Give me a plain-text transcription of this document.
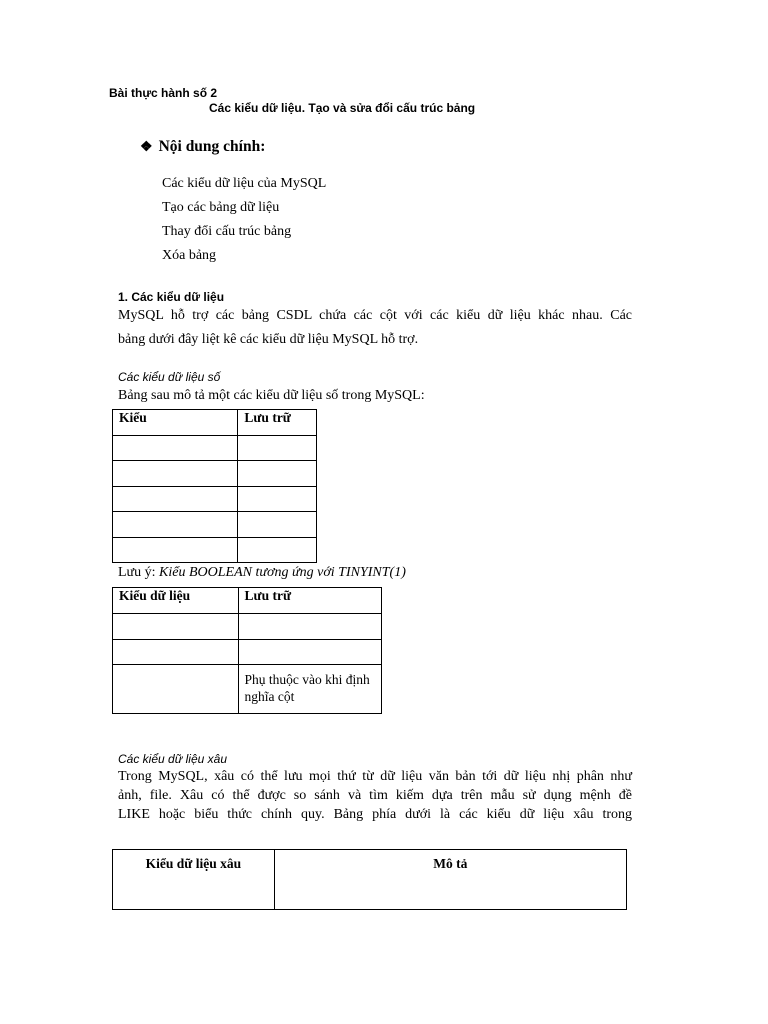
Bài thực hành số 2
Các kiểu dữ liệu. Tạo và sửa đổi cấu trúc bảng
❖ Nội dung chính:
Các kiểu dữ liệu của MySQL
Tạo các bảng dữ liệu
Thay đổi cấu trúc bảng
Xóa bảng
1. Các kiểu dữ liệu
MySQL hỗ trợ các bảng CSDL chứa các cột với các kiểu dữ liệu khác nhau. Các
bảng dưới đây liệt kê các kiểu dữ liệu MySQL hỗ trợ.
Các kiểu dữ liệu số
Bảng sau mô tả một các kiểu dữ liệu số trong MySQL:
Kiểu	Lưu trữ

Lưu ý: Kiểu BOOLEAN tương ứng với TINYINT(1)
Kiểu dữ liệu	Lưu trữ

	Phụ thuộc vào khi định nghĩa cột
Các kiểu dữ liệu xâu
Trong MySQL, xâu có thể lưu mọi thứ từ dữ liệu văn bản tới dữ liệu nhị phân như
ảnh, file. Xâu có thể được so sánh và tìm kiếm dựa trên mẫu sử dụng mệnh đề
LIKE hoặc biểu thức chính quy. Bảng phía dưới là các kiểu dữ liệu xâu trong
Kiểu dữ liệu xâu	Mô tả
